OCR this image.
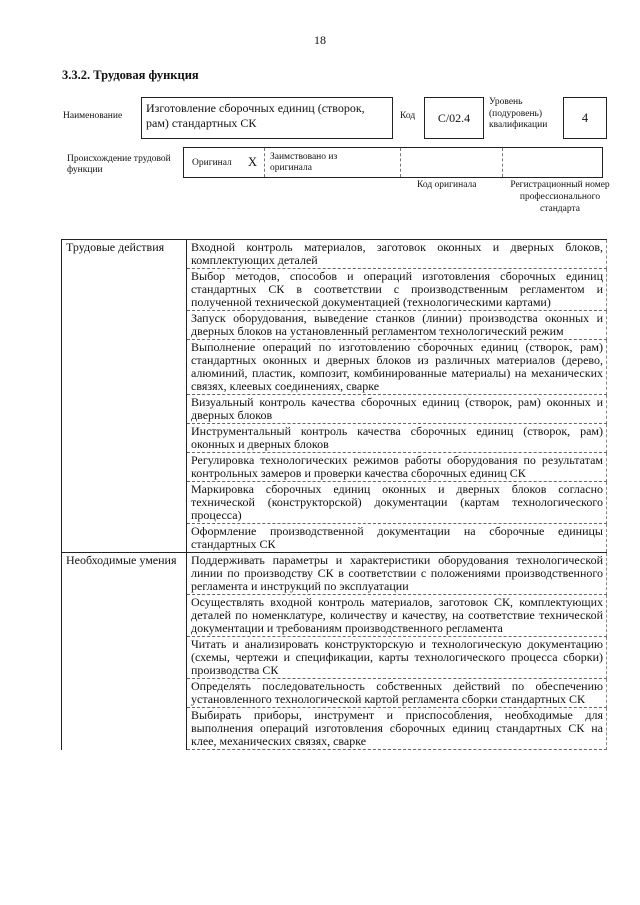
18
3.3.2. Трудовая функция
Наименование
Изготовление сборочных единиц (створок, рам) стандартных СК	Код	C/02.4
Уровень (подуровень) квалификации
4
Происхождение трудовой функции
Оригинал X Заимствовано из оригинала
Код оригинала	Регистрационный номер профессионального стандарта
Трудовые действия	Входной контроль материалов, заготовок оконных и дверных блоков, комплектующих деталей
	Выбор методов, способов и операций изготовления сборочных единиц стандартных СК в соответствии с производственным регламентом и полученной технической документацией (технологическими картами)
	Запуск оборудования, выведение станков (линии) производства оконных и дверных блоков на установленный регламентом технологический режим
	Выполнение операций по изготовлению сборочных единиц (створок, рам) стандартных оконных и дверных блоков из различных материалов (дерево, алюминий, пластик, композит, комбинированные материалы) на механических связях, клеевых соединениях, сварке
	Визуальный контроль качества сборочных единиц (створок, рам) оконных и дверных блоков
	Инструментальный контроль качества сборочных единиц (створок, рам) оконных и дверных блоков
	Регулировка технологических режимов работы оборудования по результатам контрольных замеров и проверки качества сборочных единиц СК
	Маркировка сборочных единиц оконных и дверных блоков согласно технической (конструкторской) документации (картам технологического процесса)
	Оформление производственной документации на сборочные единицы стандартных СК
Необходимые умения	Поддерживать параметры и характеристики оборудования технологической линии по производству СК в соответствии с положениями производственного регламента и инструкций по эксплуатации
	Осуществлять входной контроль материалов, заготовок СК, комплектующих деталей по номенклатуре, количеству и качеству, на соответствие технической документации и требованиям производственного регламента
	Читать и анализировать конструкторскую и технологическую документацию (схемы, чертежи и спецификации, карты технологического процесса сборки) производства СК
	Определять последовательность собственных действий по обеспечению установленного технологической картой регламента сборки стандартных СК
	Выбирать приборы, инструмент и приспособления, необходимые для выполнения операций изготовления сборочных единиц стандартных СК на клее, механических связях, сварке
